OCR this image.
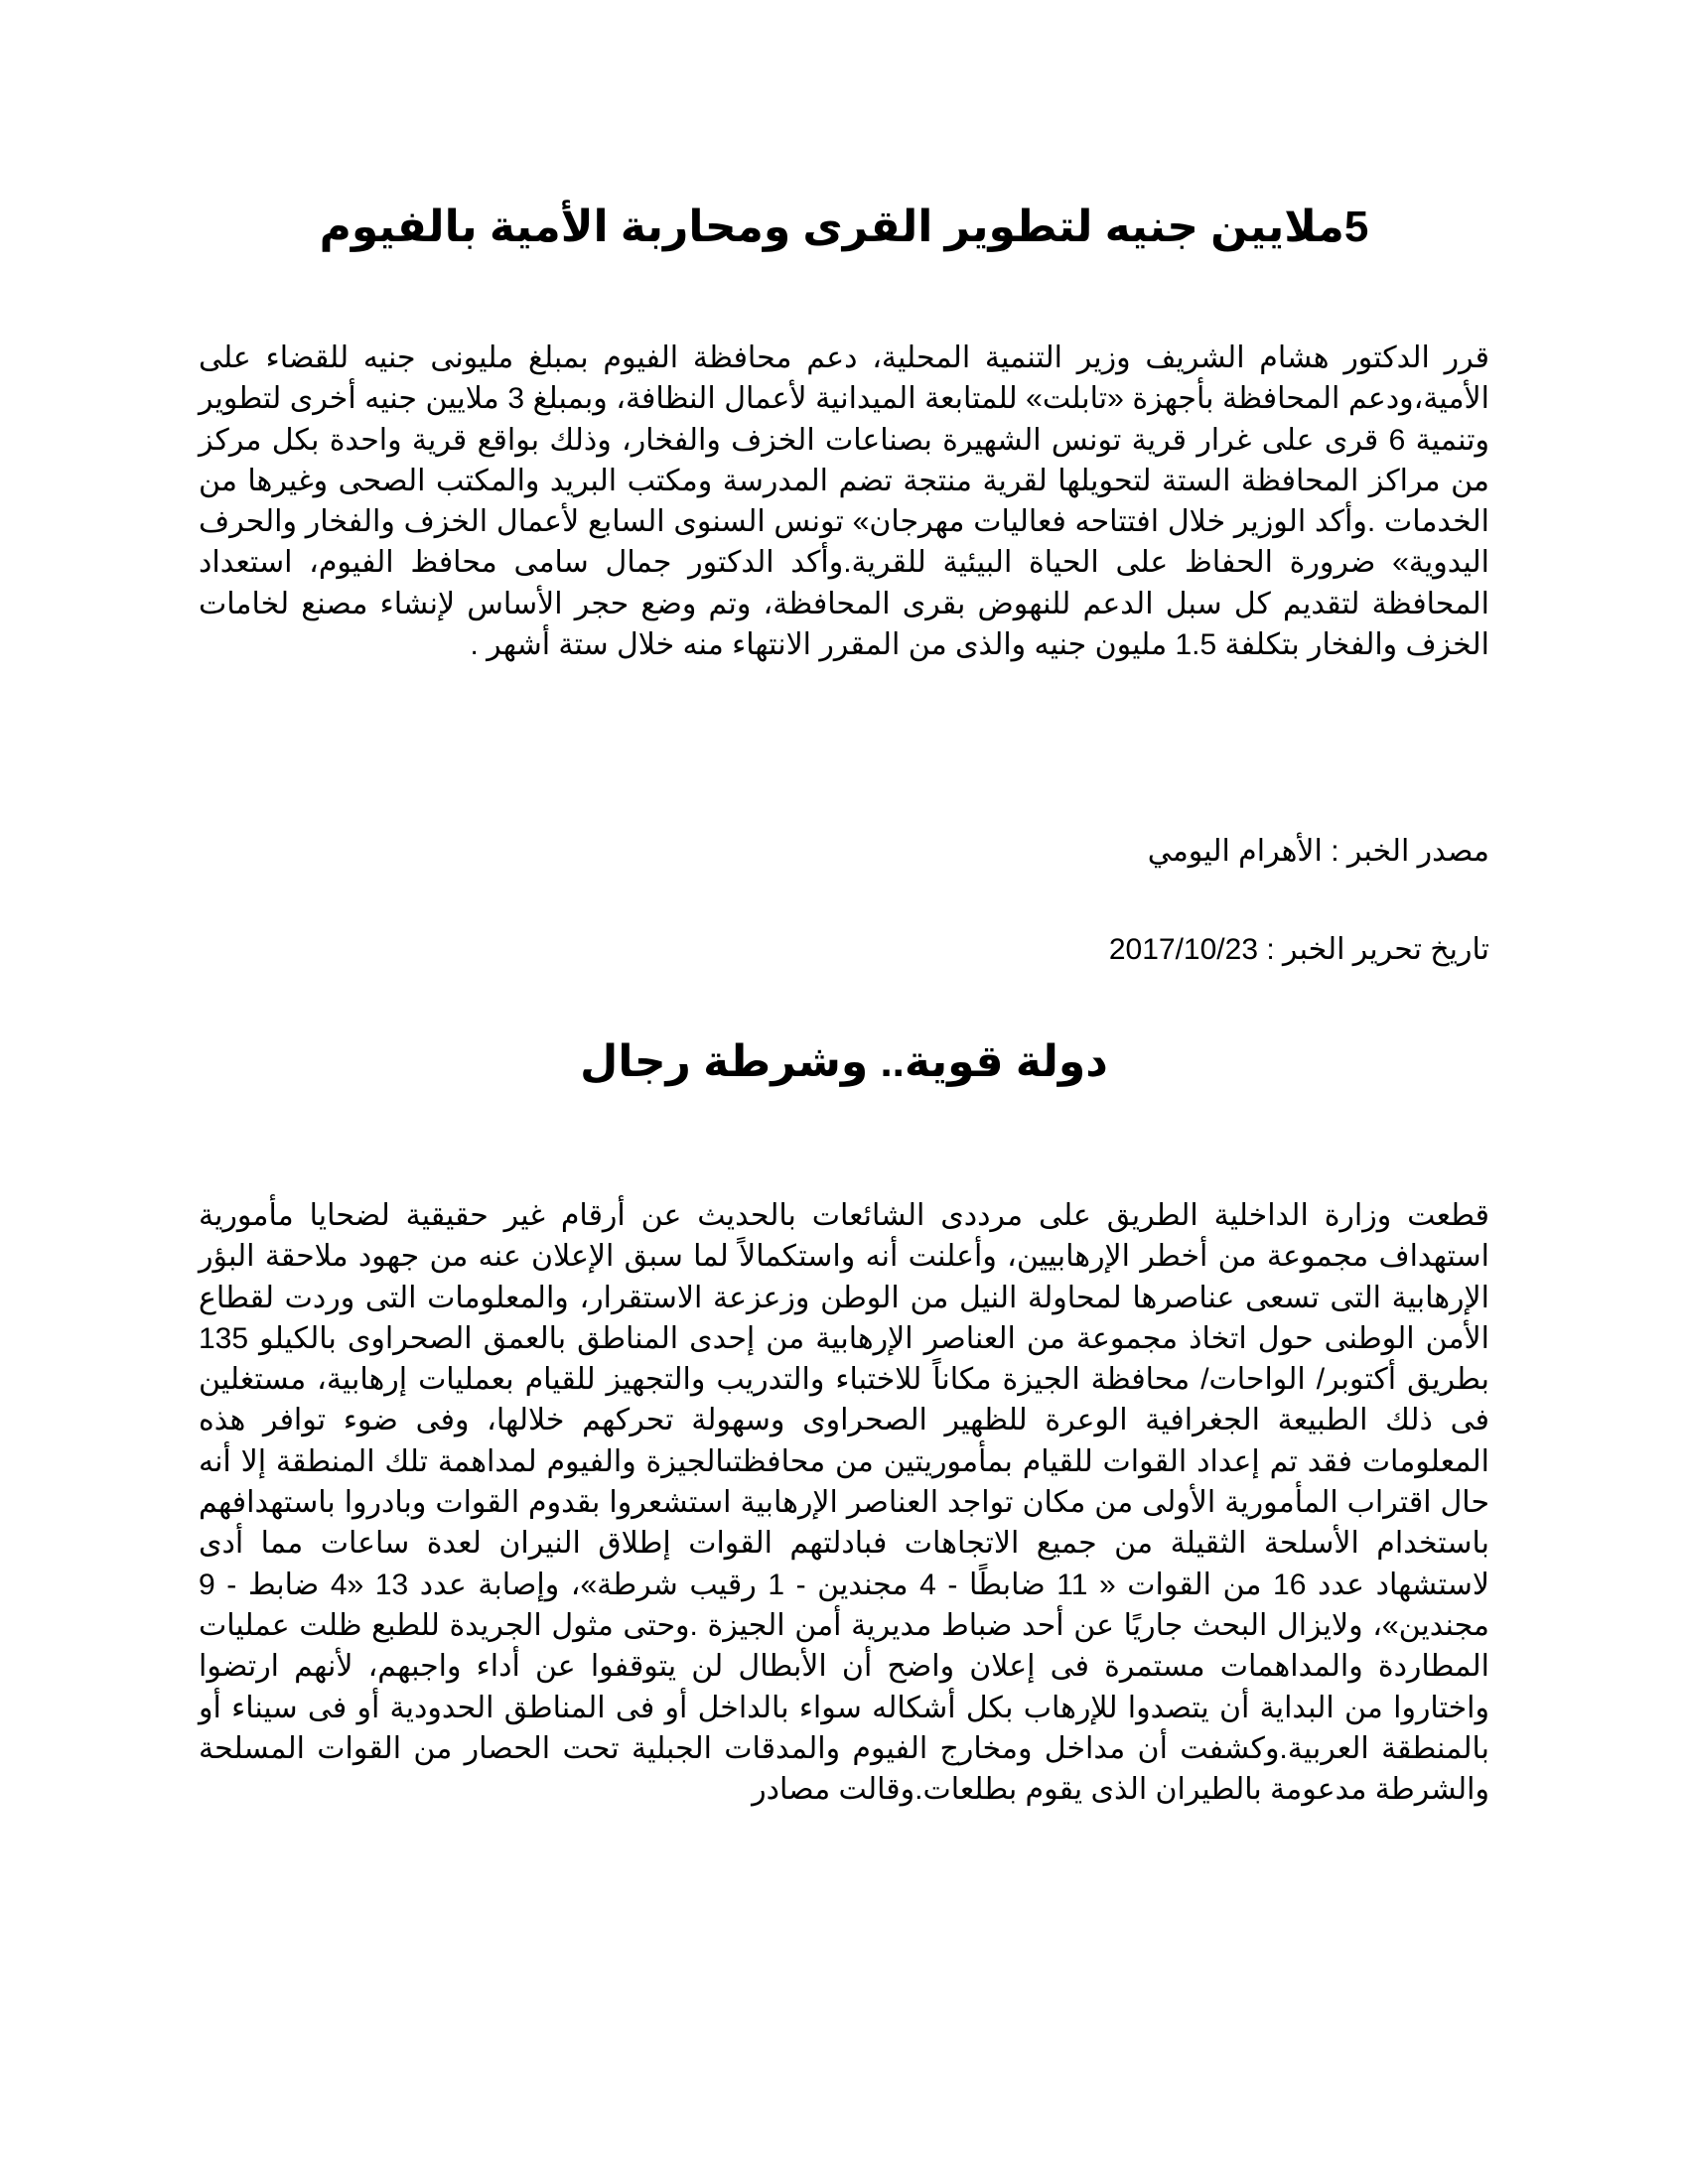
5ملايين جنيه لتطوير القرى ومحاربة الأمية بالفيوم

قرر الدكتور هشام الشريف وزير التنمية المحلية، دعم محافظة الفيوم بمبلغ مليونى جنيه للقضاء على الأمية،ودعم المحافظة بأجهزة «تابلت» للمتابعة الميدانية لأعمال النظافة، وبمبلغ 3 ملايين جنيه أخرى لتطوير وتنمية 6 قرى على غرار قرية تونس الشهيرة بصناعات الخزف والفخار، وذلك بواقع قرية واحدة بكل مركز من مراكز المحافظة الستة لتحويلها لقرية منتجة تضم المدرسة ومكتب البريد والمكتب الصحى وغيرها من الخدمات .وأكد الوزير خلال افتتاحه فعاليات مهرجان» تونس السنوى السابع لأعمال الخزف والفخار والحرف اليدوية» ضرورة الحفاظ على الحياة البيئية للقرية.وأكد الدكتور جمال سامى محافظ الفيوم، استعداد المحافظة لتقديم كل سبل الدعم للنهوض بقرى المحافظة، وتم وضع حجر الأساس لإنشاء مصنع لخامات الخزف والفخار بتكلفة 1.5 مليون جنيه والذى من المقرر الانتهاء منه خلال ستة أشهر .

مصدر الخبر : الأهرام اليومي

تاريخ تحرير الخبر : 2017/10/23

دولة قوية.. وشرطة رجال

قطعت وزارة الداخلية الطريق على مرددى الشائعات بالحديث عن أرقام غير حقيقية لضحايا مأمورية استهداف مجموعة من أخطر الإرهابيين، وأعلنت أنه واستكمالاً لما سبق الإعلان عنه من جهود ملاحقة البؤر الإرهابية التى تسعى عناصرها لمحاولة النيل من الوطن وزعزعة الاستقرار، والمعلومات التى وردت لقطاع الأمن الوطنى حول اتخاذ مجموعة من العناصر الإرهابية من إحدى المناطق بالعمق الصحراوى بالكيلو 135 بطريق أكتوبر/ الواحات/ محافظة الجيزة مكاناً للاختباء والتدريب والتجهيز للقيام بعمليات إرهابية، مستغلين فى ذلك الطبيعة الجغرافية الوعرة للظهير الصحراوى وسهولة تحركهم خلالها، وفى ضوء توافر هذه المعلومات فقد تم إعداد القوات للقيام بمأموريتين من محافظتىالجيزة والفيوم لمداهمة تلك المنطقة إلا أنه حال اقتراب المأمورية الأولى من مكان تواجد العناصر الإرهابية استشعروا بقدوم القوات وبادروا باستهدافهم باستخدام الأسلحة الثقيلة من جميع الاتجاهات فبادلتهم القوات إطلاق النيران لعدة ساعات مما أدى لاستشهاد عدد 16 من القوات « 11 ضابطًا - 4 مجندين - 1 رقيب شرطة»، وإصابة عدد 13 «4 ضابط - 9 مجندين»، ولايزال البحث جاريًا عن أحد ضباط مديرية أمن الجيزة .وحتى مثول الجريدة للطبع ظلت عمليات المطاردة والمداهمات مستمرة فى إعلان واضح أن الأبطال لن يتوقفوا عن أداء واجبهم، لأنهم ارتضوا واختاروا من البداية أن يتصدوا للإرهاب بكل أشكاله سواء بالداخل أو فى المناطق الحدودية أو فى سيناء أو بالمنطقة العربية.وكشفت أن مداخل ومخارج الفيوم والمدقات الجبلية تحت الحصار من القوات المسلحة والشرطة مدعومة بالطيران الذى يقوم بطلعات.وقالت مصادر
